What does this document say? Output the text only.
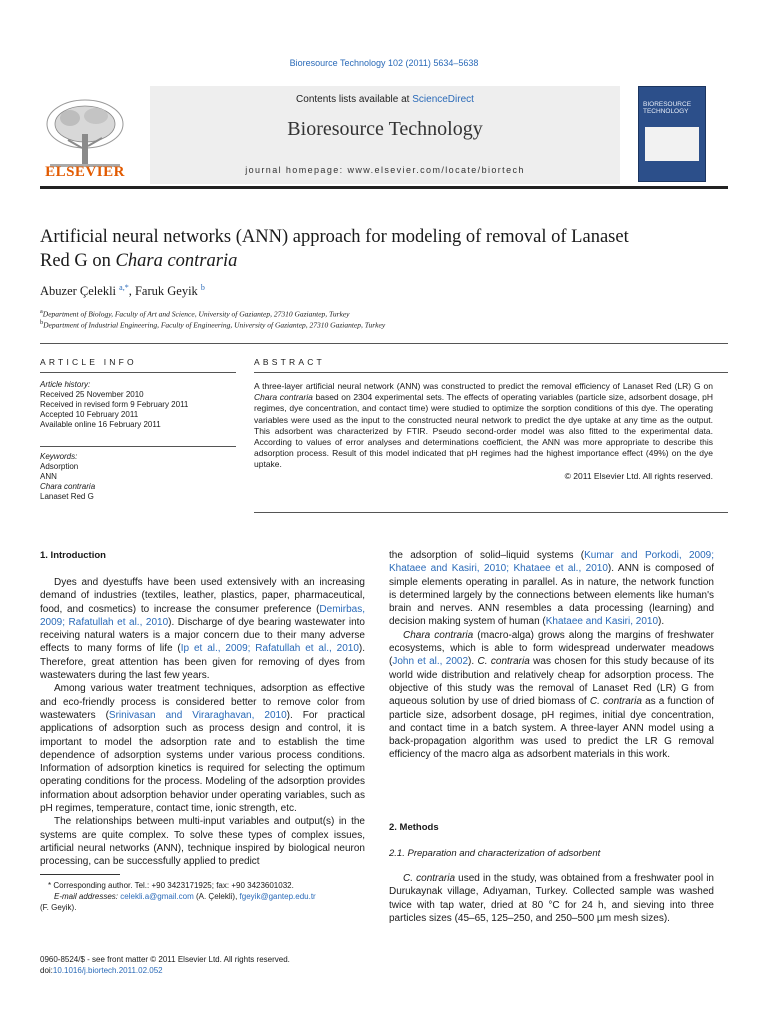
Bioresource Technology 102 (2011) 5634–5638
Contents lists available at ScienceDirect
Bioresource Technology
journal homepage: www.elsevier.com/locate/biortech
ELSEVIER
BIORESOURCE TECHNOLOGY
Artificial neural networks (ANN) approach for modeling of removal of Lanaset
Red G on Chara contraria
Abuzer Çelekli $^{a,*}$, Faruk Geyik $^b$
$^a$Department of Biology, Faculty of Art and Science, University of Gaziantep, 27310 Gaziantep, Turkey
$^b$Department of Industrial Engineering, Faculty of Engineering, University of Gaziantep, 27310 Gaziantep, Turkey
ARTICLE INFO
Article history:
Received 25 November 2010
Received in revised form 9 February 2011
Accepted 10 February 2011
Available online 16 February 2011
Keywords:
Adsorption
ANN
Chara contraria
Lanaset Red G
ABSTRACT
A three-layer artificial neural network (ANN) was constructed to predict the removal efficiency of Lanaset Red (LR) G on Chara contraria based on 2304 experimental sets. The effects of operating variables (particle size, adsorbent dosage, pH regimes, dye concentration, and contact time) were studied to optimize the sorption conditions of this dye. The operating variables were used as the input to the constructed neural network to predict the dye uptake at any time as the output. This adsorbent was characterized by FTIR. Pseudo second-order model was also fitted to the experimental data. According to values of error analyses and determinations coefficient, the ANN was more appropriate to describe this adsorption process. Result of this model indicated that pH regimes had the highest importance effect (49%) on the dye uptake.
© 2011 Elsevier Ltd. All rights reserved.
1. Introduction

Dyes and dyestuffs have been used extensively with an increasing demand of industries (textiles, leather, plastics, paper, pharmaceutical, food, and cosmetics) to increase the consumer preference (Demirbas, 2009; Rafatullah et al., 2010). Discharge of dye bearing wastewater into receiving natural waters is a major concern due to their many adverse effects to many forms of life (Ip et al., 2009; Rafatullah et al., 2010). Therefore, great attention has been given for removing of dyes from wastewaters during the last few years.

Among various water treatment techniques, adsorption as effective and eco-friendly process is considered better to remove color from wastewaters (Srinivasan and Viraraghavan, 2010). For practical applications of adsorption such as process design and control, it is important to model the adsorption rate and to establish the time dependence of adsorption systems under various process conditions. Information of adsorption kinetics is required for selecting the optimum operating conditions for the process. Modeling of the adsorption provides information about adsorption behavior under operating variables, such as pH regimes, temperature, contact time, ionic strength, etc.

The relationships between multi-input variables and output(s) in the systems are quite complex. To solve these types of complex issues, artificial neural networks (ANN), technique inspired by biological neuron processing, can be successfully applied to predict

* Corresponding author. Tel.: +90 3423171925; fax: +90 3423601032.
E-mail addresses: celekli.a@gmail.com (A. Çelekli), fgeyik@gantep.edu.tr
(F. Geyik).
0960-8524/$ - see front matter © 2011 Elsevier Ltd. All rights reserved.
doi:10.1016/j.biortech.2011.02.052

the adsorption of solid–liquid systems (Kumar and Porkodi, 2009; Khataee and Kasiri, 2010; Khataee et al., 2010). ANN is composed of simple elements operating in parallel. As in nature, the network function is determined largely by the connections between elements like human's brain and nerves. ANN resembles a data processing (learning) and decision making system of human (Khataee and Kasiri, 2010).

Chara contraria (macro-alga) grows along the margins of freshwater ecosystems, which is able to form widespread underwater meadows (John et al., 2002). C. contraria was chosen for this study because of its world wide distribution and relatively cheap for adsorption process. The objective of this study was the removal of Lanaset Red (LR) G from aqueous solution by use of dried biomass of C. contraria as a function of particle size, adsorbent dosage, pH regimes, initial dye concentration, and contact time in a batch system. A three-layer ANN model using a back-propagation algorithm was used to predict the LR G removal efficiency of the macro alga as adsorbent materials in this work.

2. Methods
2.1. Preparation and characterization of adsorbent

C. contraria used in the study, was obtained from a freshwater pool in Durukaynak village, Adıyaman, Turkey. Collected sample was washed twice with tap water, dried at 80 °C for 24 h, and sieving into three particles sizes (45–65, 125–250, and 250–500 µm mesh sizes).
